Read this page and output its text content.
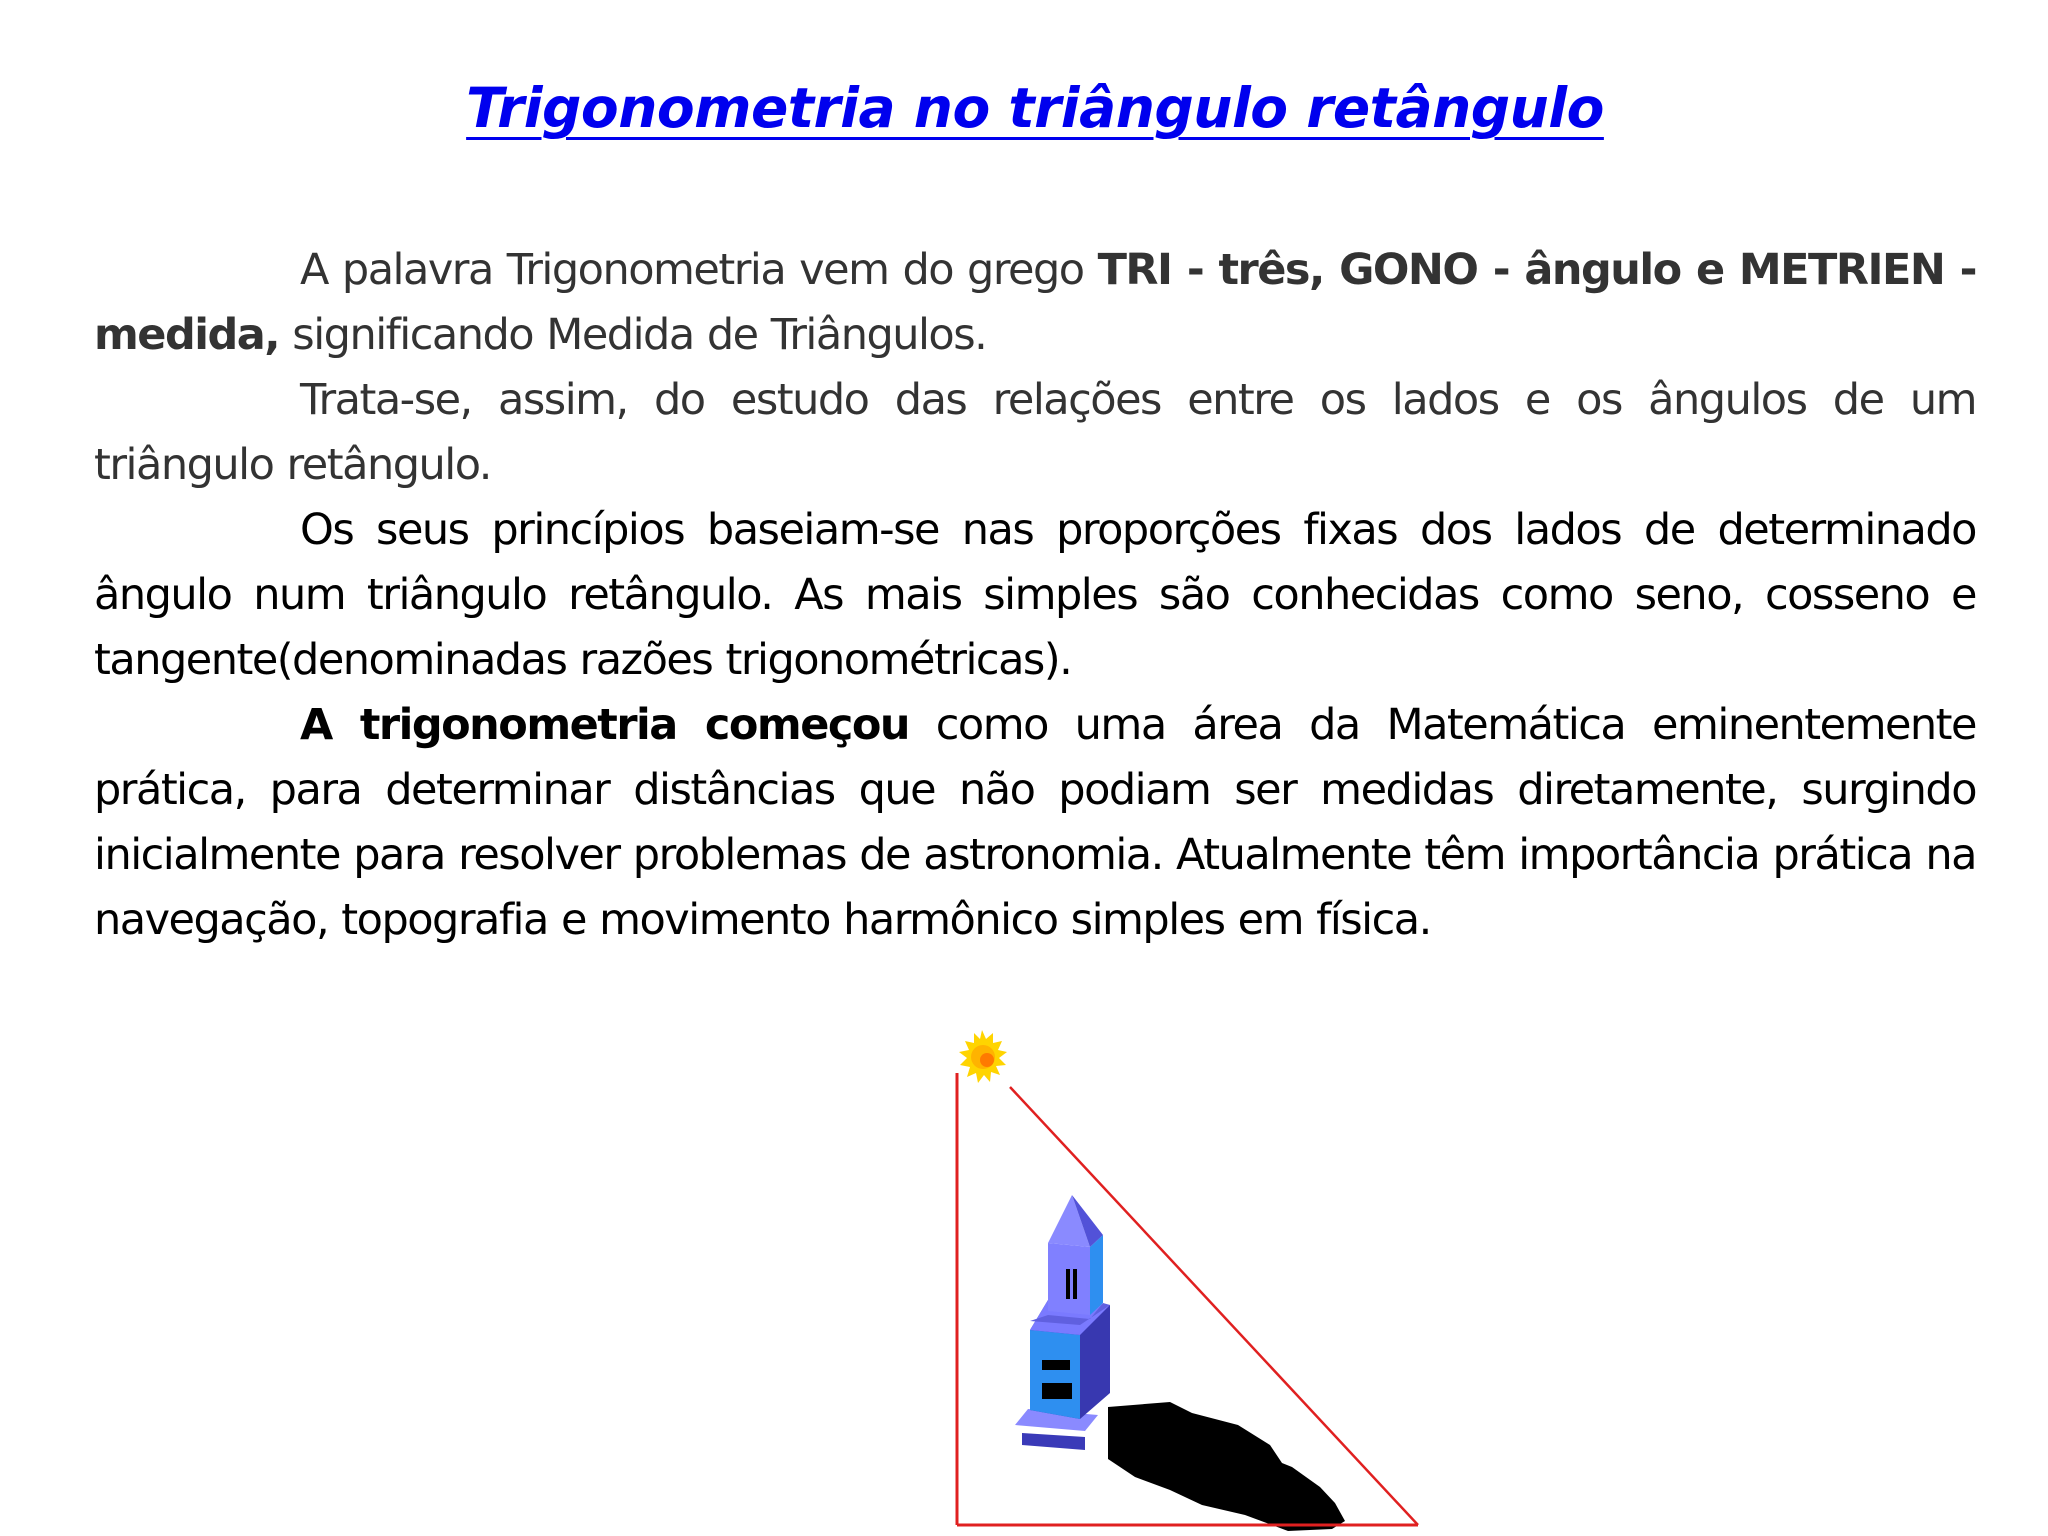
Trigonometria no triângulo retângulo

A palavra Trigonometria vem do grego TRI - três, GONO - ângulo e METRIEN - medida, significando Medida de Triângulos.

Trata-se, assim, do estudo das relações entre os lados e os ângulos de um triângulo retângulo.

Os seus princípios baseiam-se nas proporções fixas dos lados de determinado ângulo num triângulo retângulo. As mais simples são conhecidas como seno, cosseno e tangente(denominadas razões trigonométricas).

A trigonometria começou como uma área da Matemática eminentemente prática, para determinar distâncias que não podiam ser medidas diretamente, surgindo inicialmente para resolver problemas de astronomia. Atualmente têm importância prática na navegação, topografia e movimento harmônico simples em física.
